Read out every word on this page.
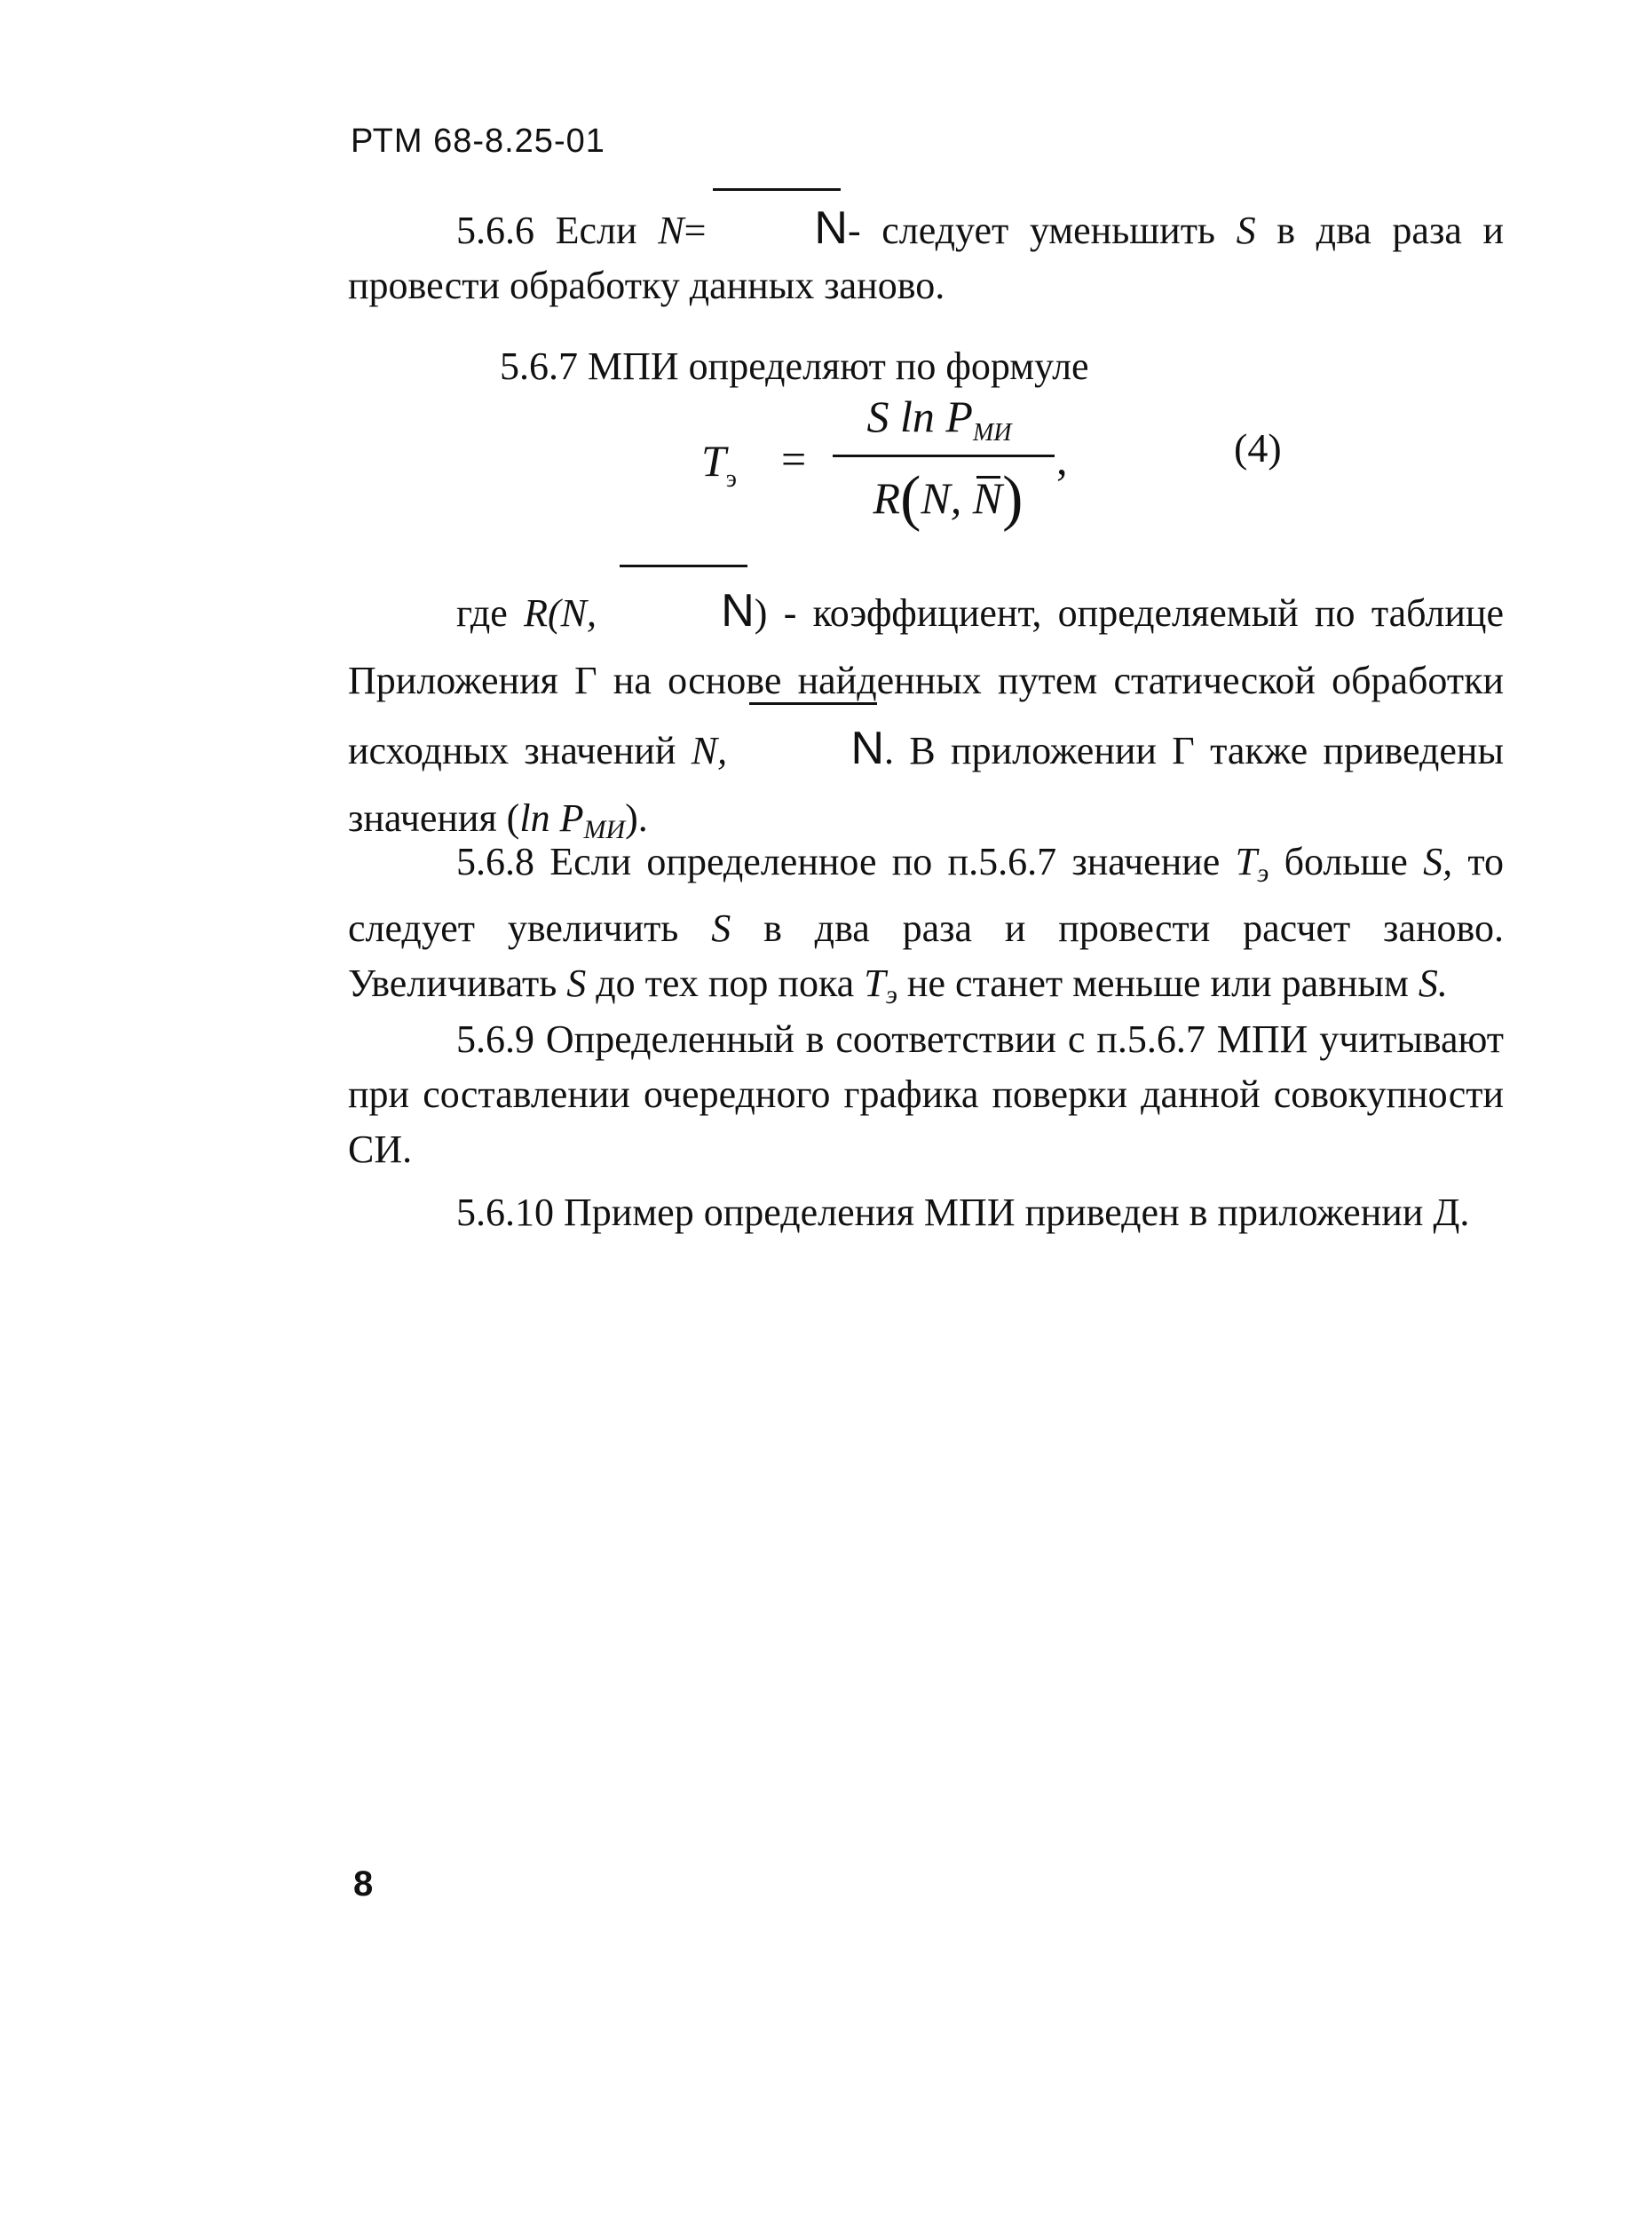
РТМ 68-8.25-01
5.6.6 Если N= N- следует уменьшить S в два раза и провести обработку данных заново.
5.6.7 МПИ определяют по формуле
$T_э$ =
S $\ln P_{МИ}$
R(N, N)
,	(4)
где R(N,	N) - коэффициент, определяемый по таблице Приложения Г на основе найденных путем статической обработки исходных значений N,	N. В приложении Г также приведены значения (ln $P_{МИ}$).
5.6.8 Если определенное по п.5.6.7 значение $T_э$ больше S, то следует увеличить S в два раза и провести расчет заново. Увеличивать S до тех пор пока $T_э$ не станет меньше или равным S.
5.6.9 Определенный в соответствии с п.5.6.7 МПИ учитывают при составлении очередного графика поверки данной совокупности СИ.
5.6.10 Пример определения МПИ приведен в приложении Д.
8
